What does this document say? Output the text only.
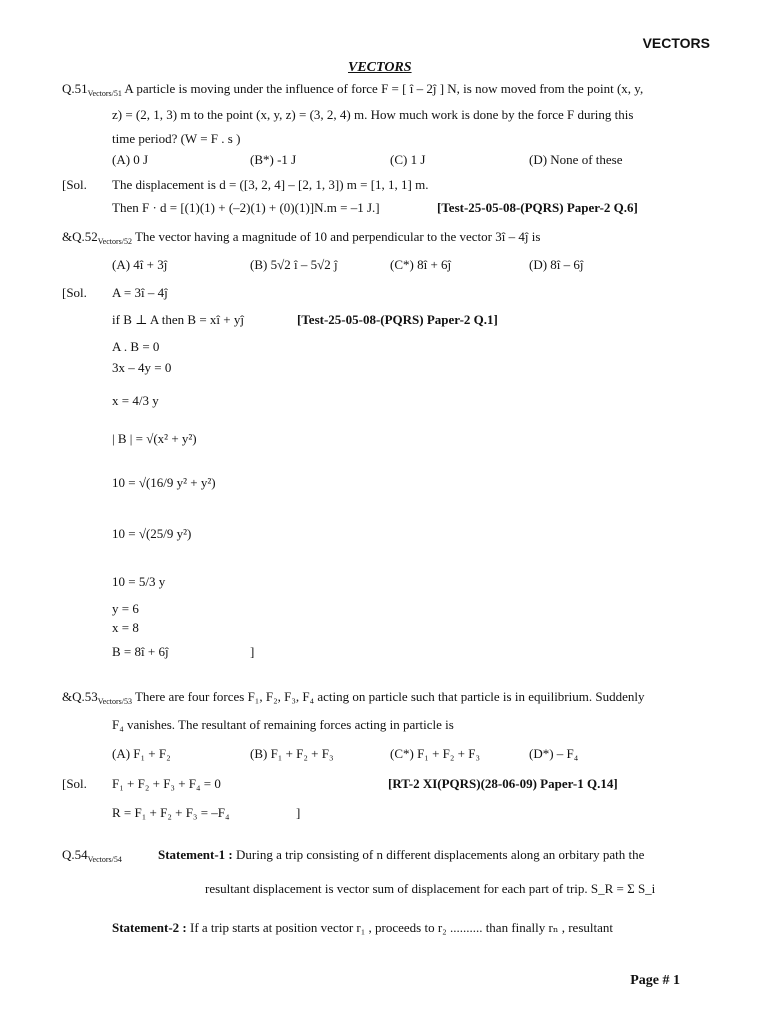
VECTORS
VECTORS
$Q.51_{Vectors/51}$ A particle is moving under the influence of force F = [ î – 2ĵ ] N, is now moved from the point (x, y,
z) = (2, 1, 3) m to the point (x, y, z) = (3, 2, 4) m. How much work is done by the force F during this
time period? (W = F . s )
(A) 0 J	(B*) -1 J	(C) 1 J	(D) None of these
[Sol. The displacement is d = ([3, 2, 4] – [2, 1, 3]) m = [1, 1, 1] m.
Then F · d = [(1)(1) + (–2)(1) + (0)(1)]N.m = –1 J.]	[Test-25-05-08-(PQRS) Paper-2 Q.6]
$\&Q.52_{Vectors/52}$ The vector having a magnitude of 10 and perpendicular to the vector 3î – 4ĵ is
(A) 4î + 3ĵ	(B) 5√2 î – 5√2 ĵ	(C*) 8î + 6ĵ	(D) 8î – 6ĵ
[Sol. A = 3î – 4ĵ
if B ⊥ A then B = xî + yĵ	[Test-25-05-08-(PQRS) Paper-2 Q.1]
A . B = 0
3x – 4y = 0
x = 4/3 y
| B | = √(x² + y²)
10 = √(16/9 y² + y²)
10 = √(25/9 y²)
10 = 5/3 y
y = 6
x = 8
B = 8î + 6ĵ	]
$\&Q.53_{Vectors/53}$ There are four forces F₁, F₂, F₃, F₄ acting on particle such that particle is in equilibrium. Suddenly
F₄ vanishes. The resultant of remaining forces acting in particle is
(A) F₁ + F₂	(B) F₁ + F₂ + F₃	(C*) F₁ + F₂ + F₃	(D*) – F₄
[Sol. F₁ + F₂ + F₃ + F₄ = 0	[RT-2 XI(PQRS)(28-06-09) Paper-1 Q.14]
R = F₁ + F₂ + F₃ = –F₄	]
$Q.54_{Vectors/54}$	Statement-1 : During a trip consisting of n different displacements along an orbitary path the
resultant displacement is vector sum of displacement for each part of trip. S_R = Σ S_i
Statement-2 : If a trip starts at position vector r₁ , proceeds to r₂ .......... than finally rₙ , resultant
Page # 1
